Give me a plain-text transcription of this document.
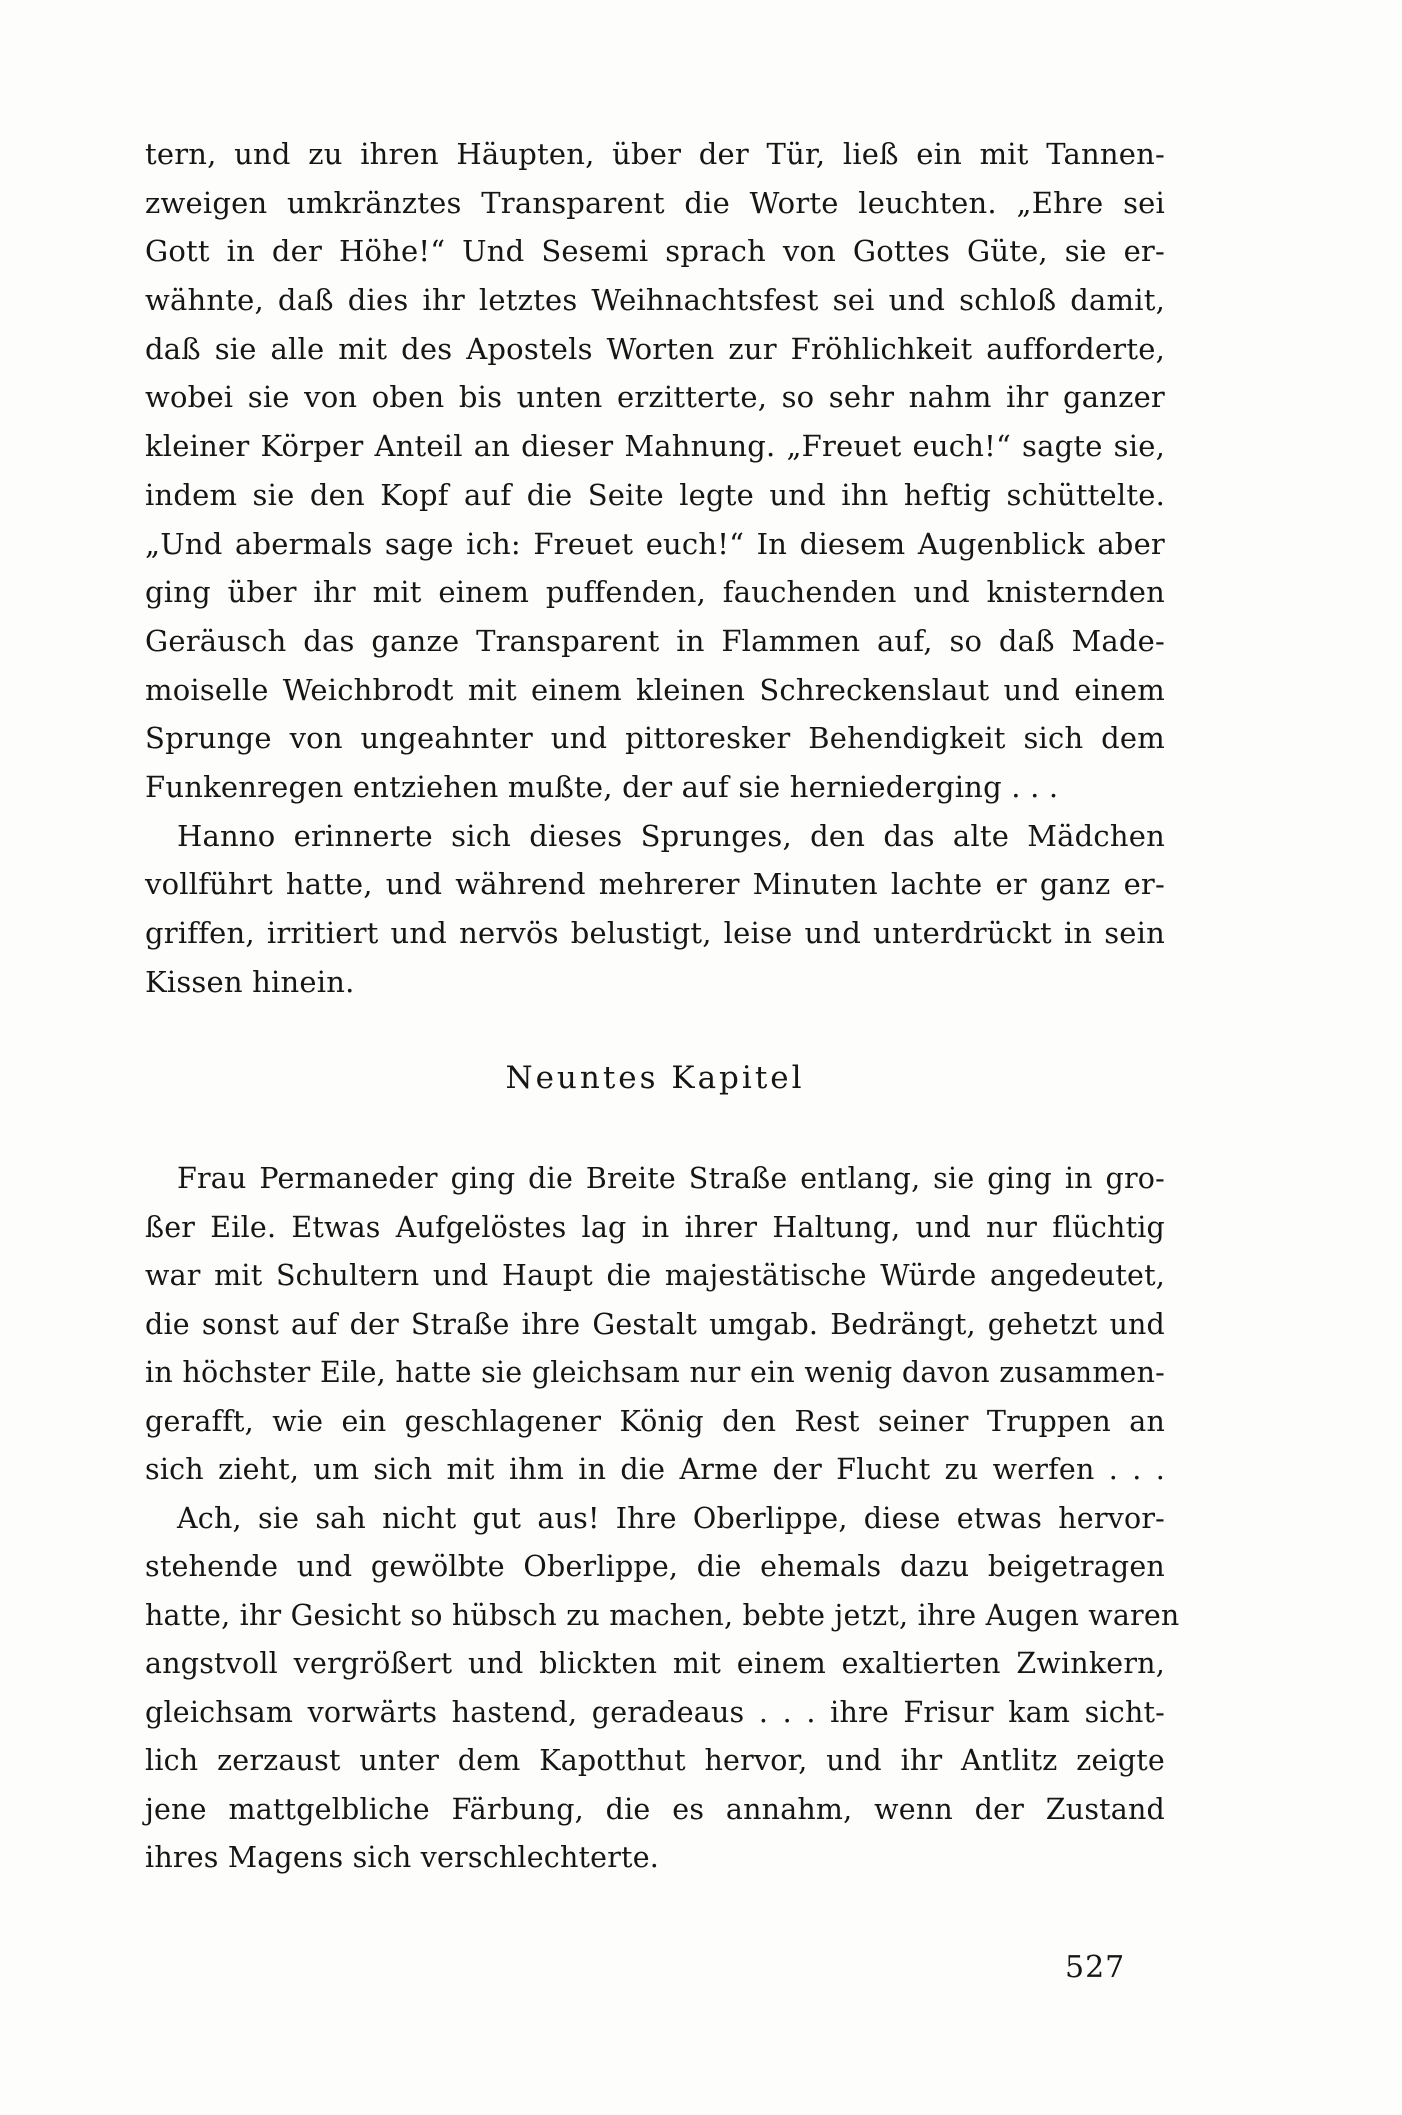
tern, und zu ihren Häupten, über der Tür, ließ ein mit Tannen-
zweigen umkränztes Transparent die Worte leuchten. „Ehre sei
Gott in der Höhe!“ Und Sesemi sprach von Gottes Güte, sie er-
wähnte, daß dies ihr letztes Weihnachtsfest sei und schloß damit,
daß sie alle mit des Apostels Worten zur Fröhlichkeit aufforderte,
wobei sie von oben bis unten erzitterte, so sehr nahm ihr ganzer
kleiner Körper Anteil an dieser Mahnung. „Freuet euch!“ sagte sie,
indem sie den Kopf auf die Seite legte und ihn heftig schüttelte.
„Und abermals sage ich: Freuet euch!“ In diesem Augenblick aber
ging über ihr mit einem puffenden, fauchenden und knisternden
Geräusch das ganze Transparent in Flammen auf, so daß Made-
moiselle Weichbrodt mit einem kleinen Schreckenslaut und einem
Sprunge von ungeahnter und pittoresker Behendigkeit sich dem
Funkenregen entziehen mußte, der auf sie herniederging . . .
Hanno erinnerte sich dieses Sprunges, den das alte Mädchen
vollführt hatte, und während mehrerer Minuten lachte er ganz er-
griffen, irritiert und nervös belustigt, leise und unterdrückt in sein
Kissen hinein.
Neuntes Kapitel
Frau Permaneder ging die Breite Straße entlang, sie ging in gro-
ßer Eile. Etwas Aufgelöstes lag in ihrer Haltung, und nur flüchtig
war mit Schultern und Haupt die majestätische Würde angedeutet,
die sonst auf der Straße ihre Gestalt umgab. Bedrängt, gehetzt und
in höchster Eile, hatte sie gleichsam nur ein wenig davon zusammen-
gerafft, wie ein geschlagener König den Rest seiner Truppen an
sich zieht, um sich mit ihm in die Arme der Flucht zu werfen . . .
Ach, sie sah nicht gut aus! Ihre Oberlippe, diese etwas hervor-
stehende und gewölbte Oberlippe, die ehemals dazu beigetragen
hatte, ihr Gesicht so hübsch zu machen, bebte jetzt, ihre Augen waren
angstvoll vergrößert und blickten mit einem exaltierten Zwinkern,
gleichsam vorwärts hastend, geradeaus . . . ihre Frisur kam sicht-
lich zerzaust unter dem Kapotthut hervor, und ihr Antlitz zeigte
jene mattgelbliche Färbung, die es annahm, wenn der Zustand
ihres Magens sich verschlechterte.
527
